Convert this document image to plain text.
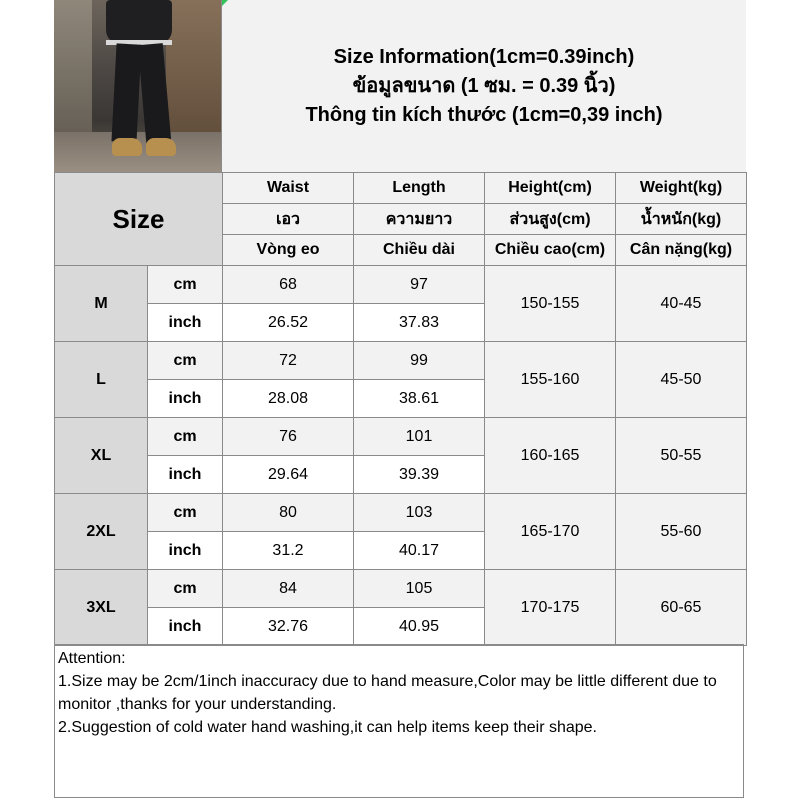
Size Information(1cm=0.39inch)
ข้อมูลขนาด (1 ซม. = 0.39 นิ้ว)
Thông tin kích thước (1cm=0,39 inch)
Size		Waist	Length	Height(cm)	Weight(kg)
		เอว	ความยาว	ส่วนสูง(cm)	น้ำหนัก(kg)
		Vòng eo	Chiều dài	Chiều cao(cm)	Cân nặng(kg)
M	cm	68	97	150-155	40-45
	inch	26.52	37.83		
L	cm	72	99	155-160	45-50
	inch	28.08	38.61		
XL	cm	76	101	160-165	50-55
	inch	29.64	39.39		
2XL	cm	80	103	165-170	55-60
	inch	31.2	40.17		
3XL	cm	84	105	170-175	60-65
	inch	32.76	40.95		
Attention:
1.Size may be 2cm/1inch inaccuracy due to hand measure,Color may be little different due to monitor ,thanks for your understanding.
2.Suggestion of cold water hand washing,it can help items keep their shape.
